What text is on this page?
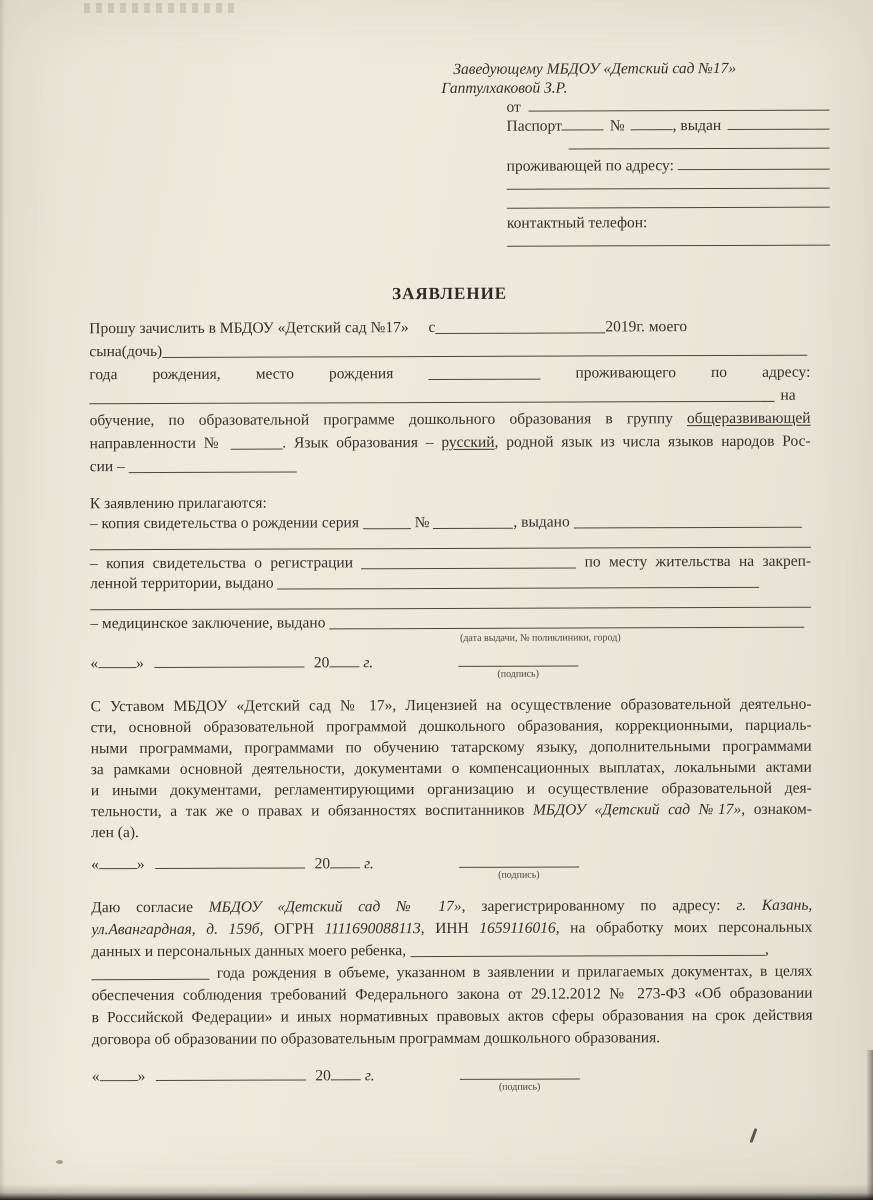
Заведующему МБДОУ «Детский сад №17»
Гаптулхаковой З.Р.
от
Паспорт	№	, выдан
проживающей по адресу:
контактный телефон:
ЗАЯВЛЕНИЕ
Прошу зачислить в МБДОУ «Детский сад №17» с	2019г. моего
сына(дочь)
года рождения, место рождения	проживающего по адресу:
на
обучение, по образовательной программе дошкольного образования в группу общеразвивающей
направленности №	. Язык образования – русский, родной язык из числа языков народов Рос-
сии –
К заявлению прилагаются:
– копия свидетельства о рождении серия	№	, выдано
– копия свидетельства о регистрации	по месту жительства на закреп-
ленной территории, выдано
– медицинское заключение, выдано
(дата выдачи, № поликлиники, город)
« »	20 г.
(подпись)
С Уставом МБДОУ «Детский сад № 17», Лицензией на осуществление образовательной деятельно-
сти, основной образовательной программой дошкольного образования, коррекционными, парциаль-
ными программами, программами по обучению татарскому языку, дополнительными программами
за рамками основной деятельности, документами о компенсационных выплатах, локальными актами
и иными документами, регламентирующими организацию и осуществление образовательной дея-
тельности, а так же о правах и обязанностях воспитанников МБДОУ «Детский сад №17», ознаком-
лен (а).
« »	20 г.
(подпись)
Даю согласие МБДОУ «Детский сад № 17», зарегистрированному по адресу: г. Казань,
ул.Авангардная, д. 159б, ОГРН 1111690088113, ИНН 1659116016, на обработку моих персональных
данных и персональных данных моего ребенка,	,
года рождения в объеме, указанном в заявлении и прилагаемых документах, в целях
обеспечения соблюдения требований Федерального закона от 29.12.2012 № 273-ФЗ «Об образовании
в Российской Федерации» и иных нормативных правовых актов сферы образования на срок действия
договора об образовании по образовательным программам дошкольного образования.
« »	20 г.
(подпись)
